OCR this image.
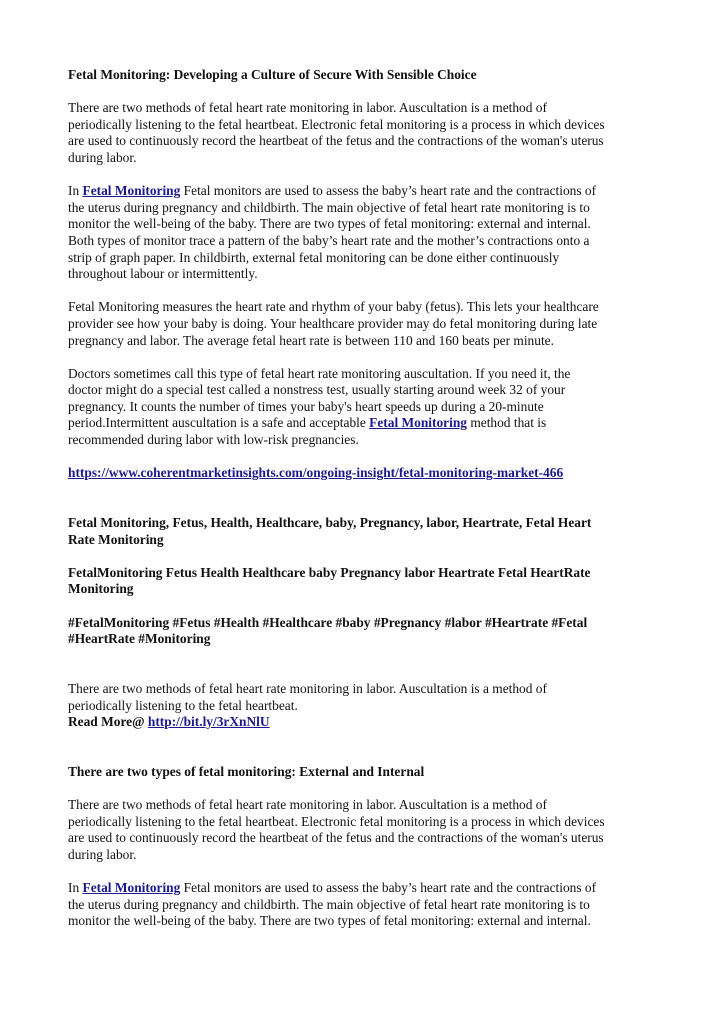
Fetal Monitoring: Developing a Culture of Secure With Sensible Choice
There are two methods of fetal heart rate monitoring in labor. Auscultation is a method of
periodically listening to the fetal heartbeat. Electronic fetal monitoring is a process in which devices
are used to continuously record the heartbeat of the fetus and the contractions of the woman's uterus
during labor.
In Fetal Monitoring Fetal monitors are used to assess the baby’s heart rate and the contractions of
the uterus during pregnancy and childbirth. The main objective of fetal heart rate monitoring is to
monitor the well-being of the baby. There are two types of fetal monitoring: external and internal.
Both types of monitor trace a pattern of the baby’s heart rate and the mother’s contractions onto a
strip of graph paper. In childbirth, external fetal monitoring can be done either continuously
throughout labour or intermittently.
Fetal Monitoring measures the heart rate and rhythm of your baby (fetus). This lets your healthcare
provider see how your baby is doing. Your healthcare provider may do fetal monitoring during late
pregnancy and labor. The average fetal heart rate is between 110 and 160 beats per minute.
Doctors sometimes call this type of fetal heart rate monitoring auscultation. If you need it, the
doctor might do a special test called a nonstress test, usually starting around week 32 of your
pregnancy. It counts the number of times your baby's heart speeds up during a 20-minute
period.Intermittent auscultation is a safe and acceptable Fetal Monitoring method that is
recommended during labor with low-risk pregnancies.
https://www.coherentmarketinsights.com/ongoing-insight/fetal-monitoring-market-466
Fetal Monitoring, Fetus, Health, Healthcare, baby, Pregnancy, labor, Heartrate, Fetal Heart
Rate Monitoring
FetalMonitoring Fetus Health Healthcare baby Pregnancy labor Heartrate Fetal HeartRate
Monitoring
#FetalMonitoring #Fetus #Health #Healthcare #baby #Pregnancy #labor #Heartrate #Fetal
#HeartRate #Monitoring
There are two methods of fetal heart rate monitoring in labor. Auscultation is a method of
periodically listening to the fetal heartbeat.
Read More@ http://bit.ly/3rXnNlU
There are two types of fetal monitoring: External and Internal
There are two methods of fetal heart rate monitoring in labor. Auscultation is a method of
periodically listening to the fetal heartbeat. Electronic fetal monitoring is a process in which devices
are used to continuously record the heartbeat of the fetus and the contractions of the woman's uterus
during labor.
In Fetal Monitoring Fetal monitors are used to assess the baby’s heart rate and the contractions of
the uterus during pregnancy and childbirth. The main objective of fetal heart rate monitoring is to
monitor the well-being of the baby. There are two types of fetal monitoring: external and internal.
